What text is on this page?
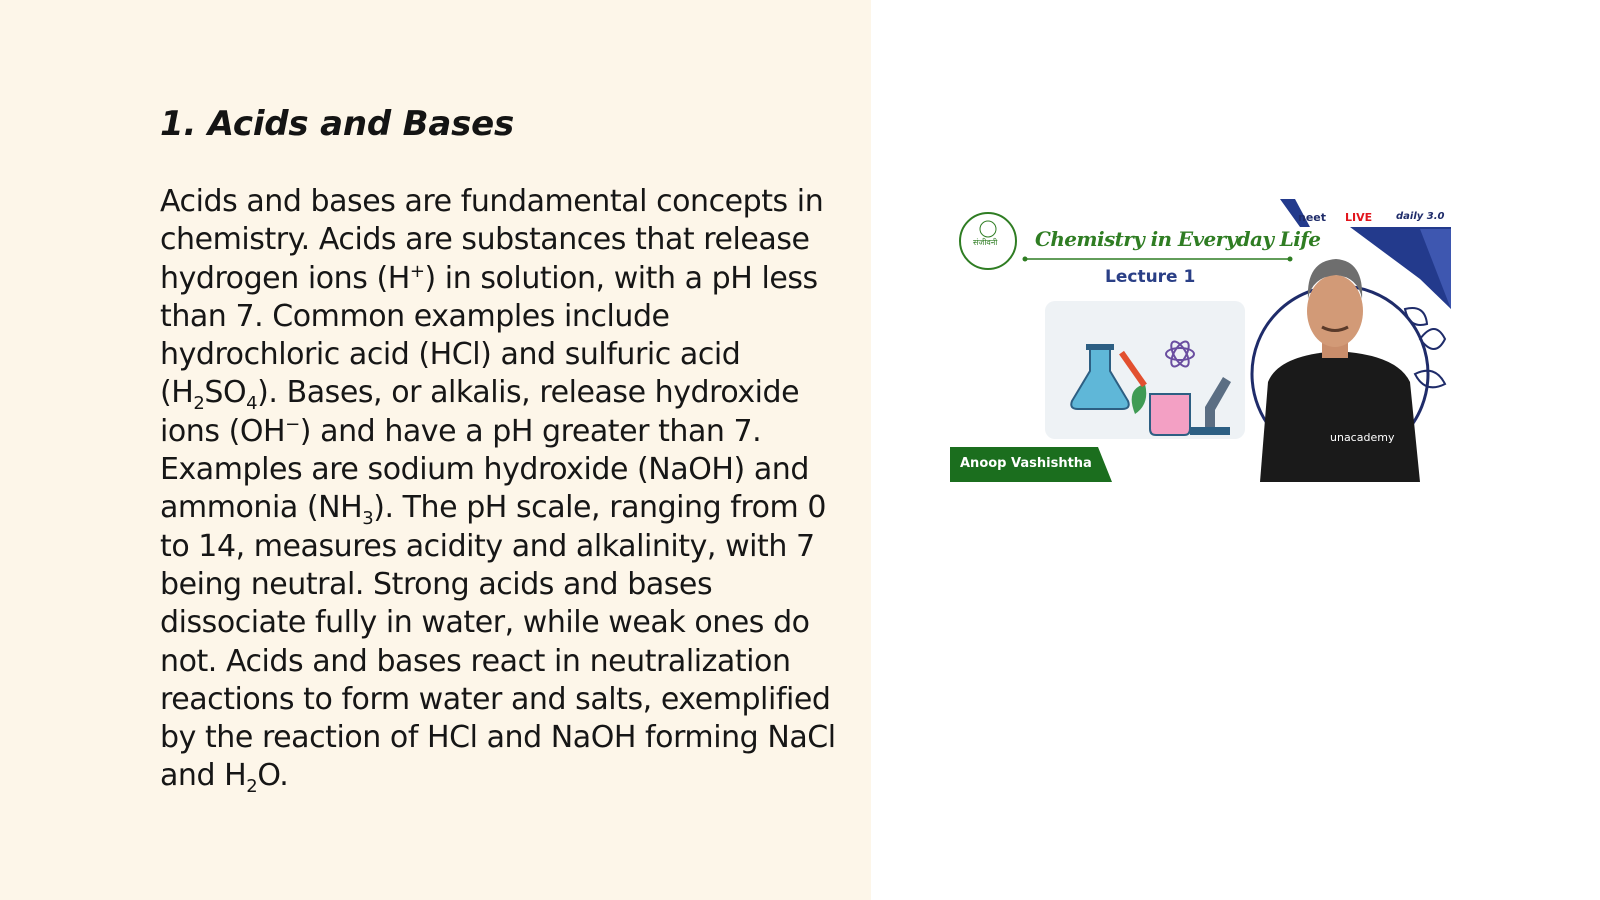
1. Acids and Bases

Acids and bases are fundamental concepts in chemistry. Acids are substances that release hydrogen ions (H+) in solution, with a pH less than 7. Common examples include hydrochloric acid (HCl) and sulfuric acid $(H_2SO_4)$. Bases, or alkalis, release hydroxide ions (OH−) and have a pH greater than 7. Examples are sodium hydroxide (NaOH) and ammonia $(NH_3)$. The pH scale, ranging from 0 to 14, measures acidity and alkalinity, with 7 being neutral. Strong acids and bases dissociate fully in water, while weak ones do not. Acids and bases react in neutralization reactions to form water and salts, exemplified by the reaction of HCl and NaOH forming NaCl and $H_2O$.

संजीवनी Chemistry in Everyday Life
Lecture 1
neet LIVE daily 3.0
Anoop Vashishtha
unacademy
